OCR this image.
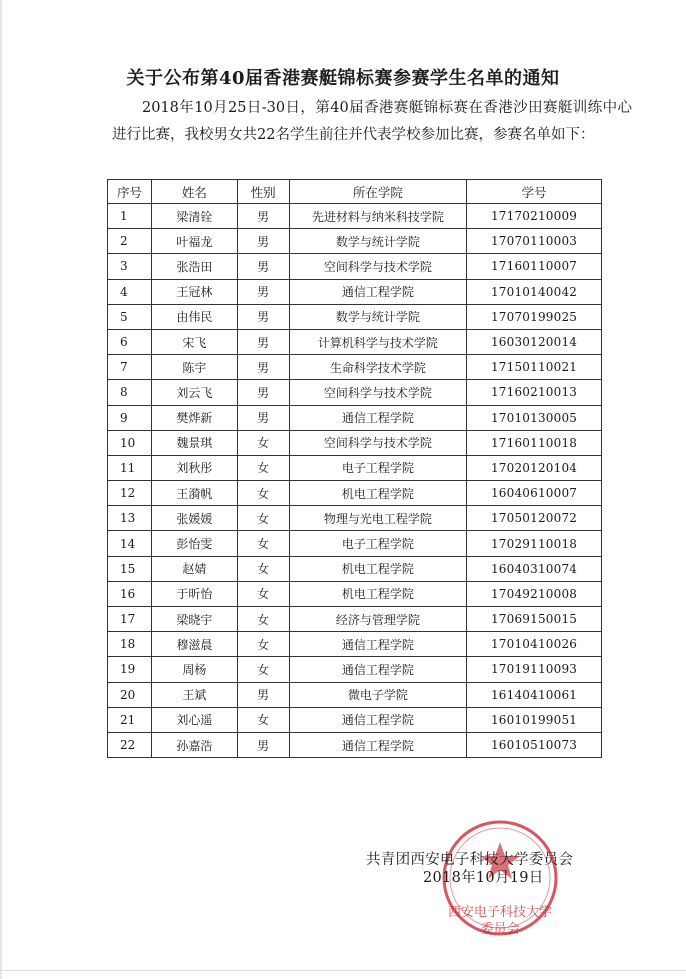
关于公布第40届香港赛艇锦标赛参赛学生名单的通知

2018年10月25日-30日，第40届香港赛艇锦标赛在香港沙田赛艇训练中心进行比赛，我校男女共22名学生前往并代表学校参加比赛，参赛名单如下：

序号	姓名	性别	所在学院	学号
1	梁清铨	男	先进材料与纳米科技学院	17170210009
2	叶福龙	男	数学与统计学院	17070110003
3	张浩田	男	空间科学与技术学院	17160110007
4	王冠林	男	通信工程学院	17010140042
5	由伟民	男	数学与统计学院	17070199025
6	宋飞	男	计算机科学与技术学院	16030120014
7	陈宇	男	生命科学技术学院	17150110021
8	刘云飞	男	空间科学与技术学院	17160210013
9	樊烨新	男	通信工程学院	17010130005
10	魏景琪	女	空间科学与技术学院	17160110018
11	刘秋彤	女	电子工程学院	17020120104
12	王漪帆	女	机电工程学院	16040610007
13	张媛媛	女	物理与光电工程学院	17050120072
14	彭怡雯	女	电子工程学院	17029110018
15	赵婧	女	机电工程学院	16040310074
16	于昕怡	女	机电工程学院	17049210008
17	梁晓宇	女	经济与管理学院	17069150015
18	穆滋晨	女	通信工程学院	17010410026
19	周杨	女	通信工程学院	17019110093
20	王斌	男	微电子学院	16140410061
21	刘心遥	女	通信工程学院	16010199051
22	孙嘉浩	男	通信工程学院	16010510073
西安电子科技大学
委员会
共青团西安电子科技大学委员会
2018年10月19日
